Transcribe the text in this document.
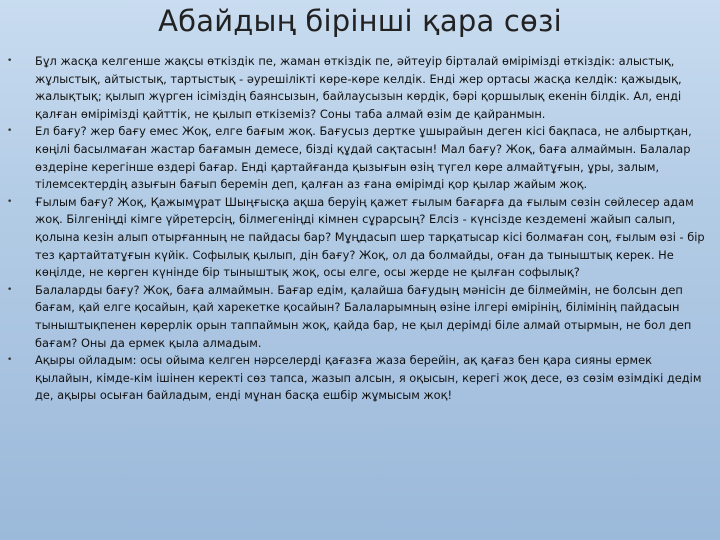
Абайдың бірінші қара сөзі
• Бұл жасқа келгенше жақсы өткіздік пе, жаман өткіздік пе, әйтеуір бірталай өмірімізді өткіздік: алыстық, жұлыстық, айтыстық, тартыстық - әурешілікті көре-көре келдік. Енді жер ортасы жасқа келдік: қажыдық, жалықтық; қылып жүрген ісіміздің баянсызын, байлаусызын көрдік, бәрі қоршылық екенін білдік. Ал, енді қалған өмірімізді қайттік, не қылып өткіземіз? Соны таба алмай өзім де қайранмын.
• Ел бағу? жер бағу емес Жоқ, елге бағым жоқ. Бағусыз дертке ұшырайын деген кісі бақпаса, не албыртқан, көңілі басылмаған жастар бағамын демесе, бізді құдай сақтасын! Мал бағу? Жоқ, баға алмаймын. Балалар өздеріне керегінше өздері бағар. Енді қартайғанда қызығын өзің түгел көре алмайтұғын, ұры, залым, тілемсектердің азығын бағып беремін деп, қалған аз ғана өмірімді қор қылар жайым жоқ.
• Ғылым бағу? Жоқ, Қажымұрат Шыңғысқа ақша беруің қажет ғылым бағарға да ғылым сөзін сөйлесер адам жоқ. Білгеніңді кімге үйретерсің, білмегеніңді кімнен сұрарсың? Елсіз - күнсізде кездемені жайып салып, қолына кезін алып отырғанның не пайдасы бар? Мұңдасып шер тарқатысар кісі болмаған соң, ғылым өзі - бір тез қартайтатұғын күйік. Софылық қылып, дін бағу? Жоқ, ол да болмайды, оған да тыныштық керек. Не көңілде, не көрген күнінде бір тыныштық жоқ, осы елге, осы жерде не қылған софылық?
• Балаларды бағу? Жоқ, баға алмаймын. Бағар едім, қалайша бағудың мәнісін де білмеймін, не болсын деп бағам, қай елге қосайын, қай харекетке қосайын? Балаларымның өзіне ілгері өмірінің, білімінің пайдасын тыныштықпенен көрерлік орын таппаймын жоқ, қайда бар, не қыл дерімді біле алмай отырмын, не бол деп бағам? Оны да ермек қыла алмадым.
• Ақыры ойладым: осы ойыма келген нәрселерді қағазға жаза берейін, ақ қағаз бен қара сияны ермек қылайын, кімде-кім ішінен керекті сөз тапса, жазып алсын, я оқысын, керегі жоқ десе, өз сөзім өзімдікі дедім де, ақыры осыған байладым, енді мұнан басқа ешбір жұмысым жоқ!
